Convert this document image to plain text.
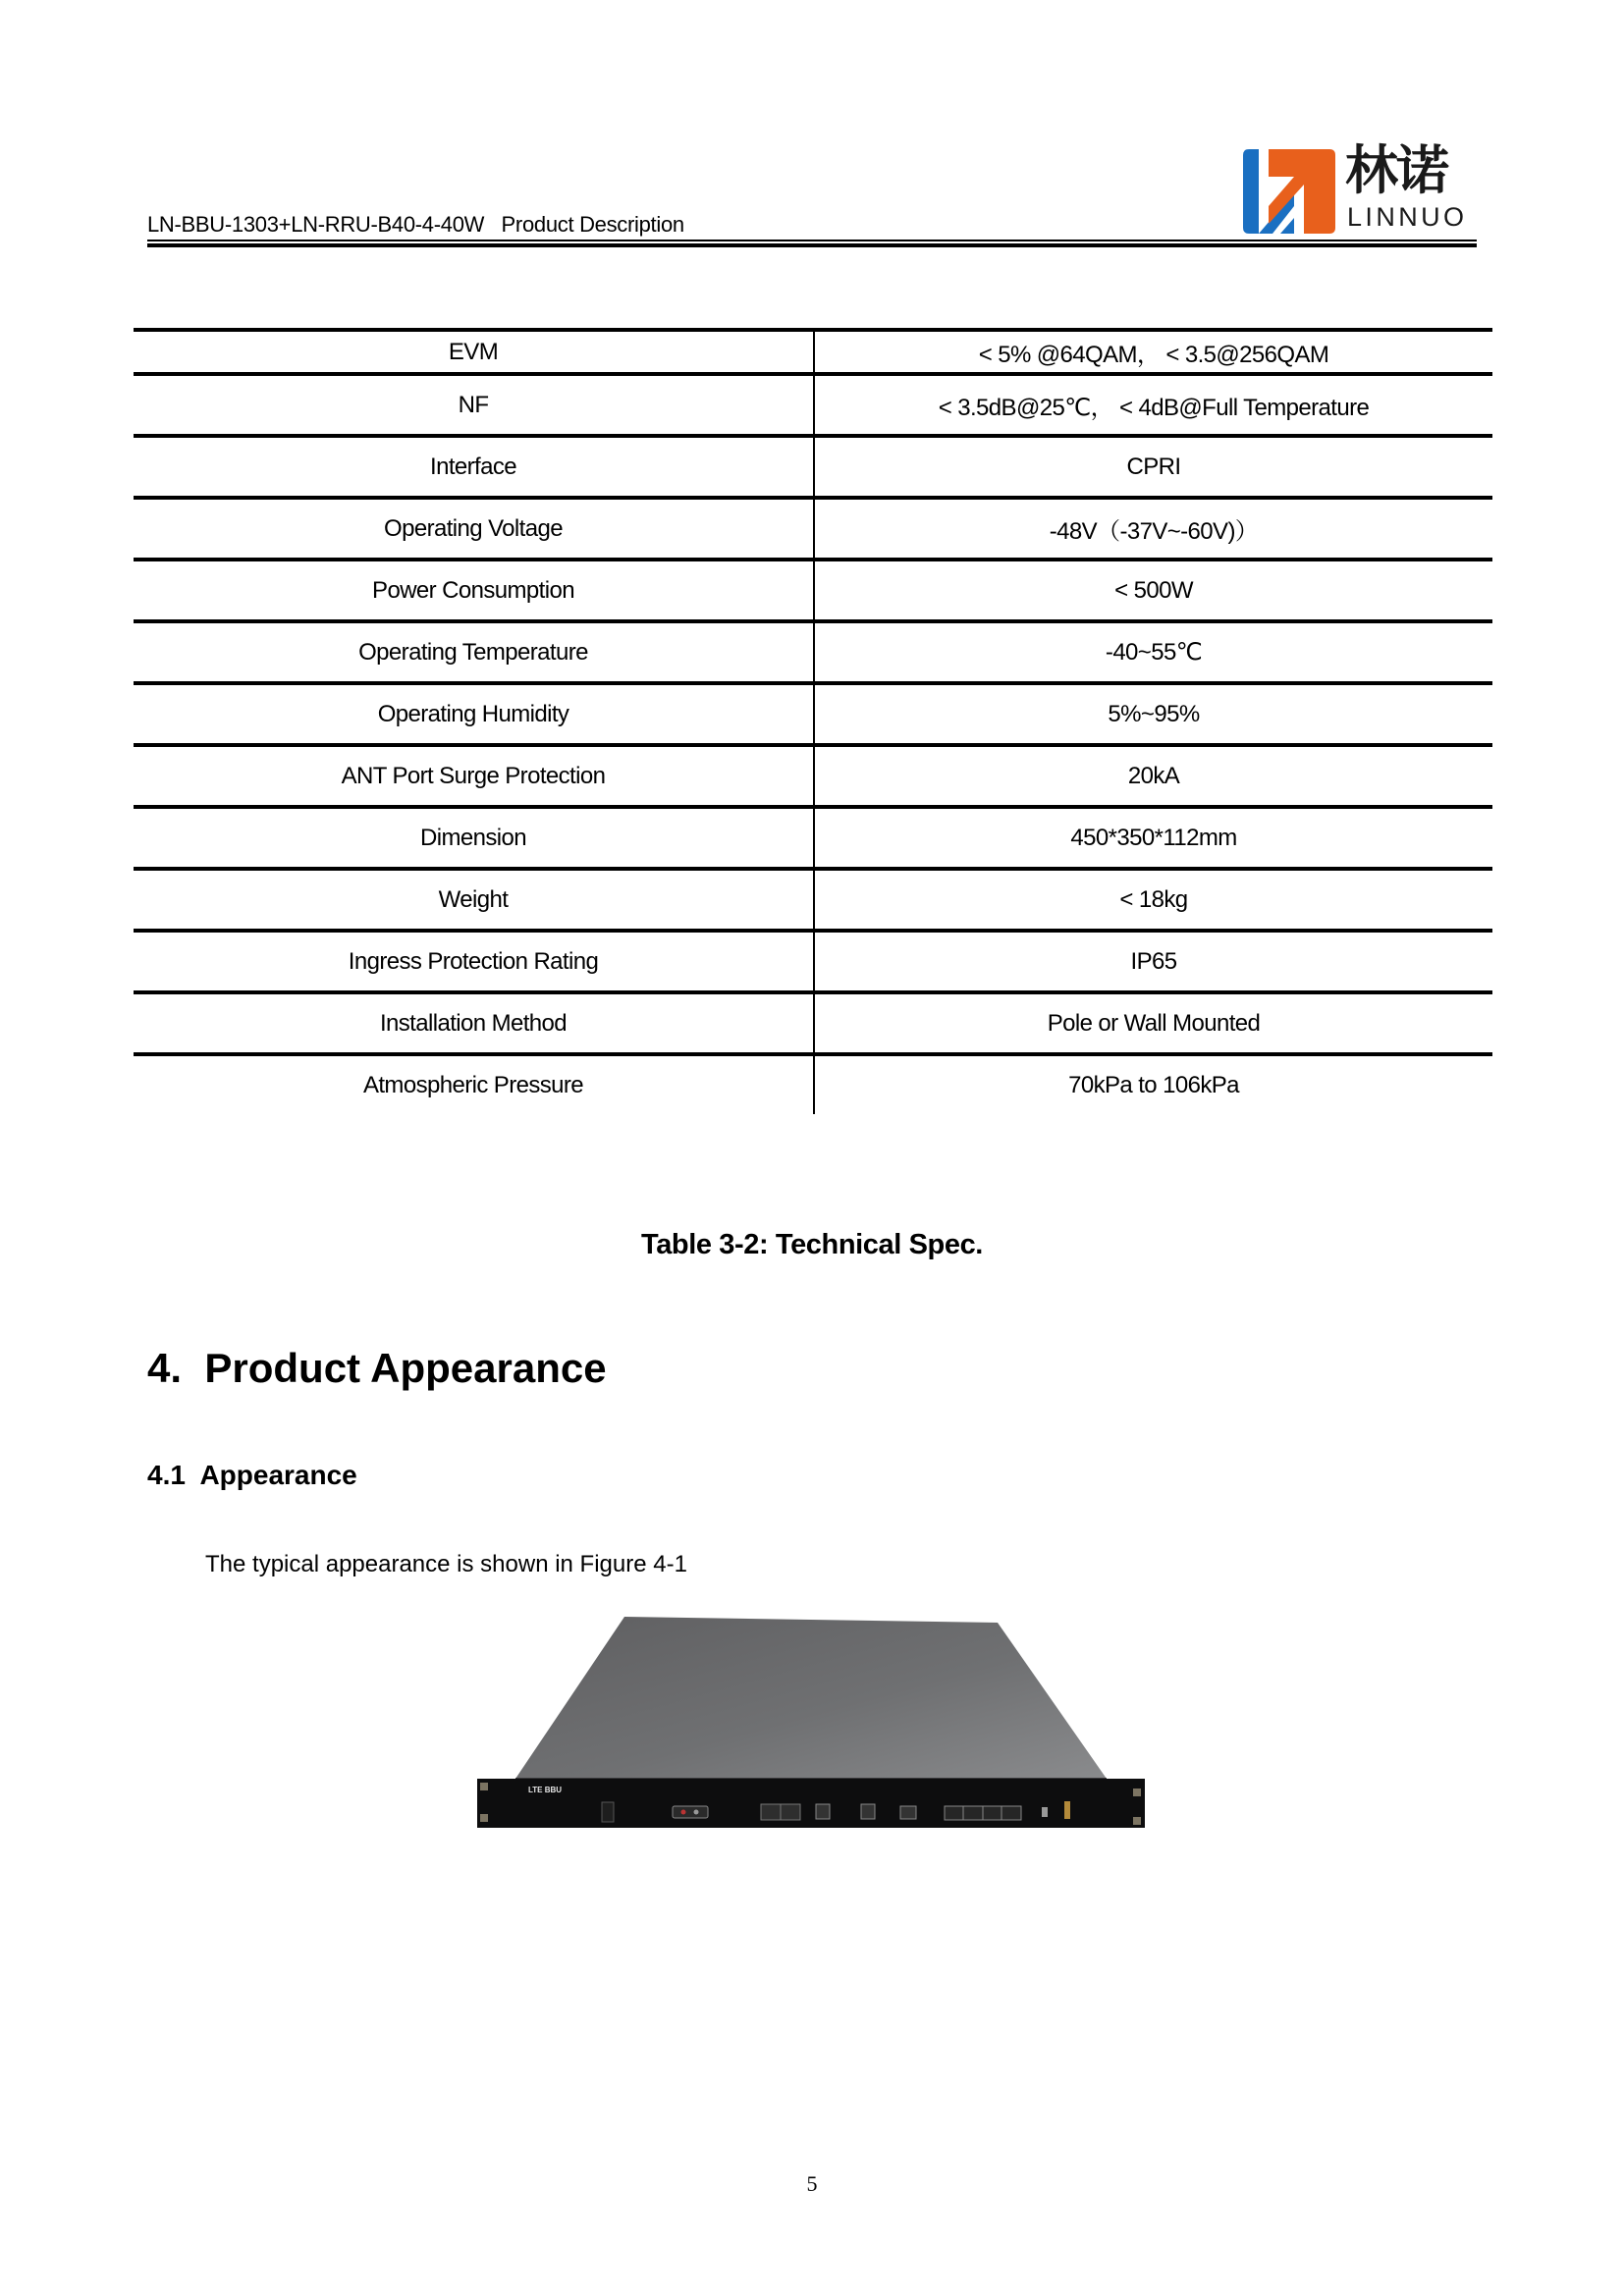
LN-BBU-1303+LN-RRU-B40-4-40W   Product Description
林诺
LINNUO
EVM	< 5% @64QAM， < 3.5@256QAM
NF	< 3.5dB@25℃， < 4dB@Full Temperature
Interface	CPRI
Operating Voltage	-48V（-37V~-60V)）
Power Consumption	< 500W
Operating Temperature	-40~55℃
Operating Humidity	5%~95%
ANT Port Surge Protection	20kA
Dimension	450*350*112mm
Weight	< 18kg
Ingress Protection Rating	IP65
Installation Method	Pole or Wall Mounted
Atmospheric Pressure	70kPa to 106kPa
Table 3-2: Technical Spec.
4.  Product Appearance
4.1  Appearance
The typical appearance is shown in Figure 4-1
LTE BBU
5
